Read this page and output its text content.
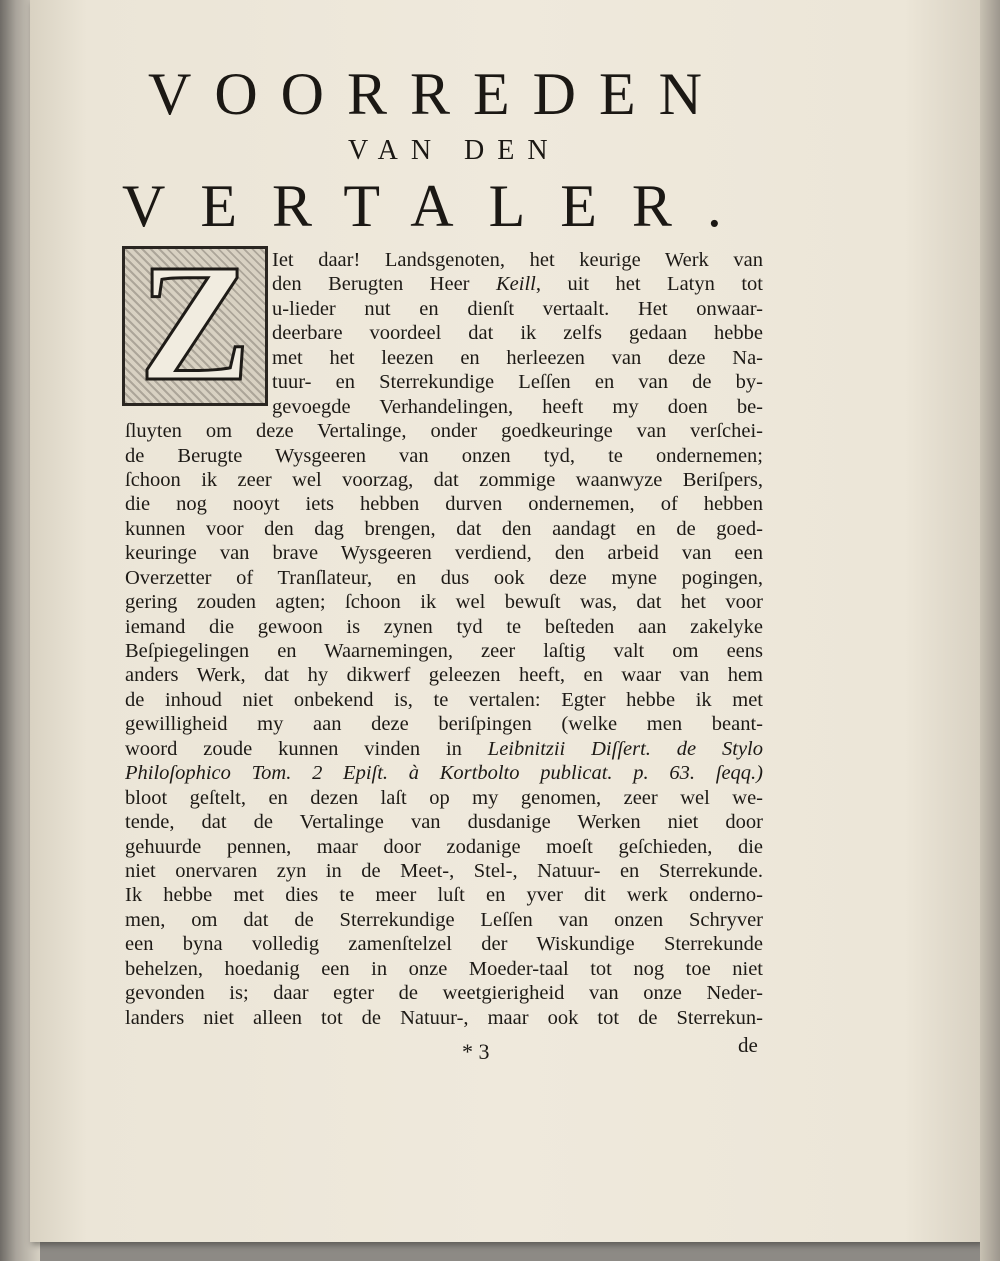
VOORREDEN
VAN DEN
VERTALER.
Z	Iet daar! Landsgenoten, het keurige Werk van
den Berugten Heer Keill, uit het Latyn tot
u-lieder nut en dienſt vertaalt. Het onwaar-
deerbare voordeel dat ik zelfs gedaan hebbe
met het leezen en herleezen van deze Na-
tuur- en Sterrekundige Leſſen en van de by-
gevoegde Verhandelingen, heeft my doen be-
ſluyten om deze Vertalinge, onder goedkeuringe van verſchei-
de Berugte Wysgeeren van onzen tyd, te ondernemen;
ſchoon ik zeer wel voorzag, dat zommige waanwyze Beriſpers,
die nog nooyt iets hebben durven ondernemen, of hebben
kunnen voor den dag brengen, dat den aandagt en de goed-
keuringe van brave Wysgeeren verdiend, den arbeid van een
Overzetter of Tranſlateur, en dus ook deze myne pogingen,
gering zouden agten; ſchoon ik wel bewuſt was, dat het voor
iemand die gewoon is zynen tyd te beſteden aan zakelyke
Beſpiegelingen en Waarnemingen, zeer laſtig valt om eens
anders Werk, dat hy dikwerf geleezen heeft, en waar van hem
de inhoud niet onbekend is, te vertalen: Egter hebbe ik met
gewilligheid my aan deze beriſpingen (welke men beant-
woord zoude kunnen vinden in Leibnitzii Diſſert. de Stylo
Philoſophico Tom. 2 Epiſt. à Kortbolto publicat. p. 63. ſeqq.)
bloot geſtelt, en dezen laſt op my genomen, zeer wel we-
tende, dat de Vertalinge van dusdanige Werken niet door
gehuurde pennen, maar door zodanige moeſt geſchieden, die
niet onervaren zyn in de Meet-, Stel-, Natuur- en Sterrekunde.
Ik hebbe met dies te meer luſt en yver dit werk onderno-
men, om dat de Sterrekundige Leſſen van onzen Schryver
een byna volledig zamenſtelzel der Wiskundige Sterrekunde
behelzen, hoedanig een in onze Moeder-taal tot nog toe niet
gevonden is; daar egter de weetgierigheid van onze Neder-
landers niet alleen tot de Natuur-, maar ook tot de Sterrekun-
* 3	de
